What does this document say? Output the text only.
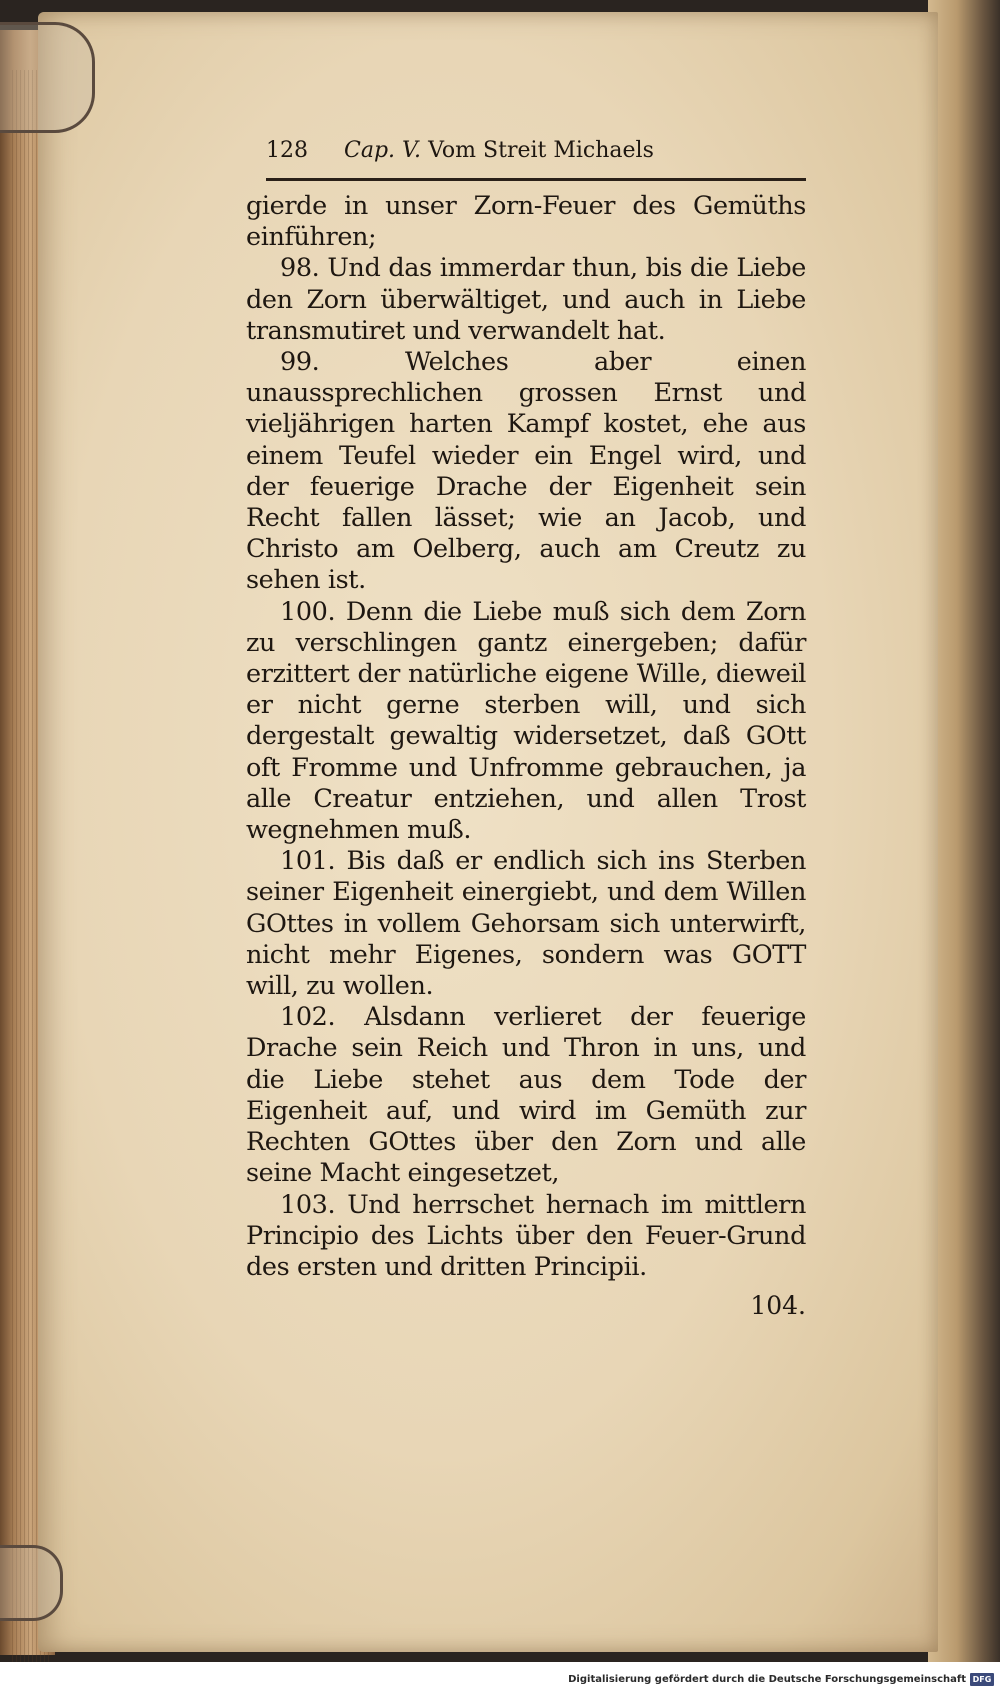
128 Cap. V. Vom Streit Michaels

gierde in unser Zorn-Feuer des Gemüths einführen;

98. Und das immerdar thun, bis die Liebe den Zorn überwältiget, und auch in Liebe transmutiret und verwandelt hat.

99. Welches aber einen unaussprechlichen grossen Ernst und vieljährigen harten Kampf kostet, ehe aus einem Teufel wieder ein Engel wird, und der feuerige Drache der Eigenheit sein Recht fallen lässet; wie an Jacob, und Christo am Oelberg, auch am Creutz zu sehen ist.

100. Denn die Liebe muß sich dem Zorn zu verschlingen gantz einergeben; dafür erzittert der natürliche eigene Wille, dieweil er nicht gerne sterben will, und sich dergestalt gewaltig widersetzet, daß GOtt oft Fromme und Unfromme gebrauchen, ja alle Creatur entziehen, und allen Trost wegnehmen muß.

101. Bis daß er endlich sich ins Sterben seiner Eigenheit einergiebt, und dem Willen GOttes in vollem Gehorsam sich unterwirft, nicht mehr Eigenes, sondern was GOTT will, zu wollen.

102. Alsdann verlieret der feuerige Drache sein Reich und Thron in uns, und die Liebe stehet aus dem Tode der Eigenheit auf, und wird im Gemüth zur Rechten GOttes über den Zorn und alle seine Macht eingesetzet,

103. Und herrschet hernach im mittlern Principio des Lichts über den Feuer-Grund des ersten und dritten Principii.

104.
Digitalisierung gefördert durch die Deutsche Forschungsgemeinschaft DFG
